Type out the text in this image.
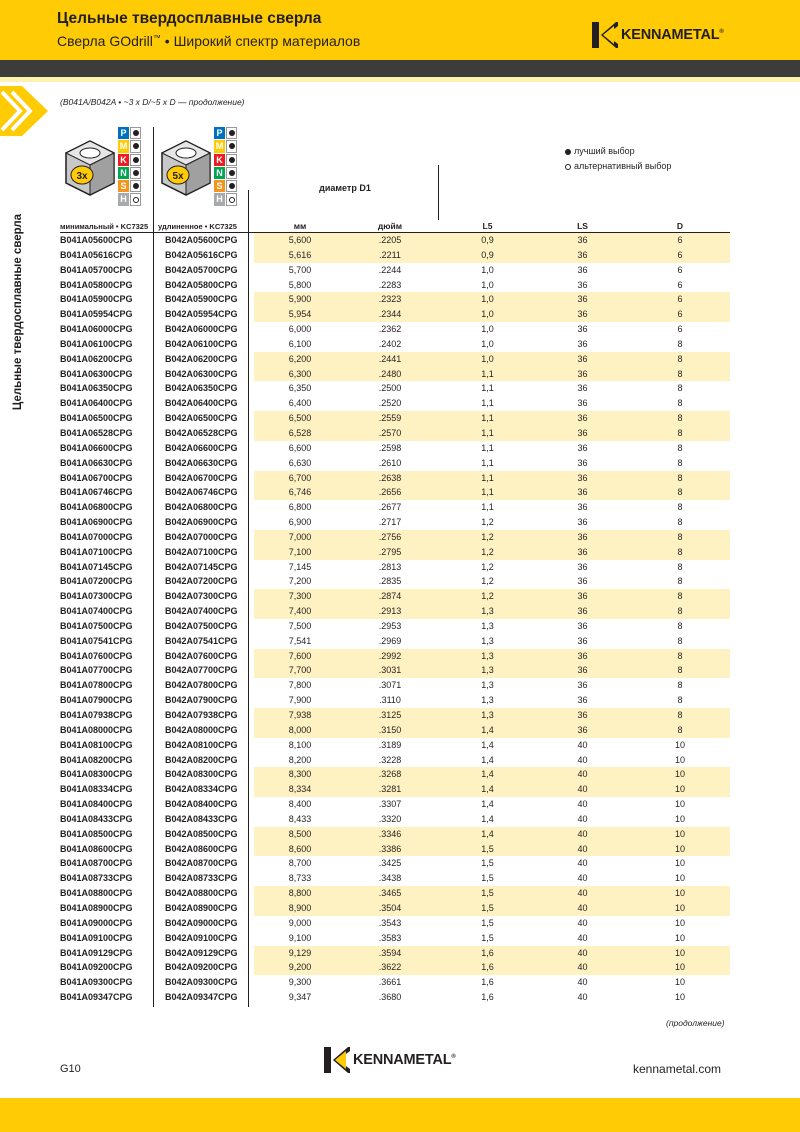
Цельные твердосплавные сверла
Сверла GOdrill™ • Широкий спектр материалов	KENNAMETAL®
Цельные твердосплавные сверла
(B041A/B042A • ~3 x D/~5 x D — продолжение)
3x
P
M
K
N
S
H
5x
P
M
K
N
S
H
лучший выбор
альтернативный выбор
диаметр D1
минимальный • KC7325 удлиненное • KC7325	мм	дюйм	L5	LS	D
B041A05600CPG	B042A05600CPG	5,600	.2205	0,9	36	6
B041A05616CPG	B042A05616CPG	5,616	.2211	0,9	36	6
B041A05700CPG	B042A05700CPG	5,700	.2244	1,0	36	6
B041A05800CPG	B042A05800CPG	5,800	.2283	1,0	36	6
B041A05900CPG	B042A05900CPG	5,900	.2323	1,0	36	6
B041A05954CPG	B042A05954CPG	5,954	.2344	1,0	36	6
B041A06000CPG	B042A06000CPG	6,000	.2362	1,0	36	6
B041A06100CPG	B042A06100CPG	6,100	.2402	1,0	36	8
B041A06200CPG	B042A06200CPG	6,200	.2441	1,0	36	8
B041A06300CPG	B042A06300CPG	6,300	.2480	1,1	36	8
B041A06350CPG	B042A06350CPG	6,350	.2500	1,1	36	8
B041A06400CPG	B042A06400CPG	6,400	.2520	1,1	36	8
B041A06500CPG	B042A06500CPG	6,500	.2559	1,1	36	8
B041A06528CPG	B042A06528CPG	6,528	.2570	1,1	36	8
B041A06600CPG	B042A06600CPG	6,600	.2598	1,1	36	8
B041A06630CPG	B042A06630CPG	6,630	.2610	1,1	36	8
B041A06700CPG	B042A06700CPG	6,700	.2638	1,1	36	8
B041A06746CPG	B042A06746CPG	6,746	.2656	1,1	36	8
B041A06800CPG	B042A06800CPG	6,800	.2677	1,1	36	8
B041A06900CPG	B042A06900CPG	6,900	.2717	1,2	36	8
B041A07000CPG	B042A07000CPG	7,000	.2756	1,2	36	8
B041A07100CPG	B042A07100CPG	7,100	.2795	1,2	36	8
B041A07145CPG	B042A07145CPG	7,145	.2813	1,2	36	8
B041A07200CPG	B042A07200CPG	7,200	.2835	1,2	36	8
B041A07300CPG	B042A07300CPG	7,300	.2874	1,2	36	8
B041A07400CPG	B042A07400CPG	7,400	.2913	1,3	36	8
B041A07500CPG	B042A07500CPG	7,500	.2953	1,3	36	8
B041A07541CPG	B042A07541CPG	7,541	.2969	1,3	36	8
B041A07600CPG	B042A07600CPG	7,600	.2992	1,3	36	8
B041A07700CPG	B042A07700CPG	7,700	.3031	1,3	36	8
B041A07800CPG	B042A07800CPG	7,800	.3071	1,3	36	8
B041A07900CPG	B042A07900CPG	7,900	.3110	1,3	36	8
B041A07938CPG	B042A07938CPG	7,938	.3125	1,3	36	8
B041A08000CPG	B042A08000CPG	8,000	.3150	1,4	36	8
B041A08100CPG	B042A08100CPG	8,100	.3189	1,4	40	10
B041A08200CPG	B042A08200CPG	8,200	.3228	1,4	40	10
B041A08300CPG	B042A08300CPG	8,300	.3268	1,4	40	10
B041A08334CPG	B042A08334CPG	8,334	.3281	1,4	40	10
B041A08400CPG	B042A08400CPG	8,400	.3307	1,4	40	10
B041A08433CPG	B042A08433CPG	8,433	.3320	1,4	40	10
B041A08500CPG	B042A08500CPG	8,500	.3346	1,4	40	10
B041A08600CPG	B042A08600CPG	8,600	.3386	1,5	40	10
B041A08700CPG	B042A08700CPG	8,700	.3425	1,5	40	10
B041A08733CPG	B042A08733CPG	8,733	.3438	1,5	40	10
B041A08800CPG	B042A08800CPG	8,800	.3465	1,5	40	10
B041A08900CPG	B042A08900CPG	8,900	.3504	1,5	40	10
B041A09000CPG	B042A09000CPG	9,000	.3543	1,5	40	10
B041A09100CPG	B042A09100CPG	9,100	.3583	1,5	40	10
B041A09129CPG	B042A09129CPG	9,129	.3594	1,6	40	10
B041A09200CPG	B042A09200CPG	9,200	.3622	1,6	40	10
B041A09300CPG	B042A09300CPG	9,300	.3661	1,6	40	10
B041A09347CPG	B042A09347CPG	9,347	.3680	1,6	40	10
(продолжение)
G10
KENNAMETAL®
kennametal.com
